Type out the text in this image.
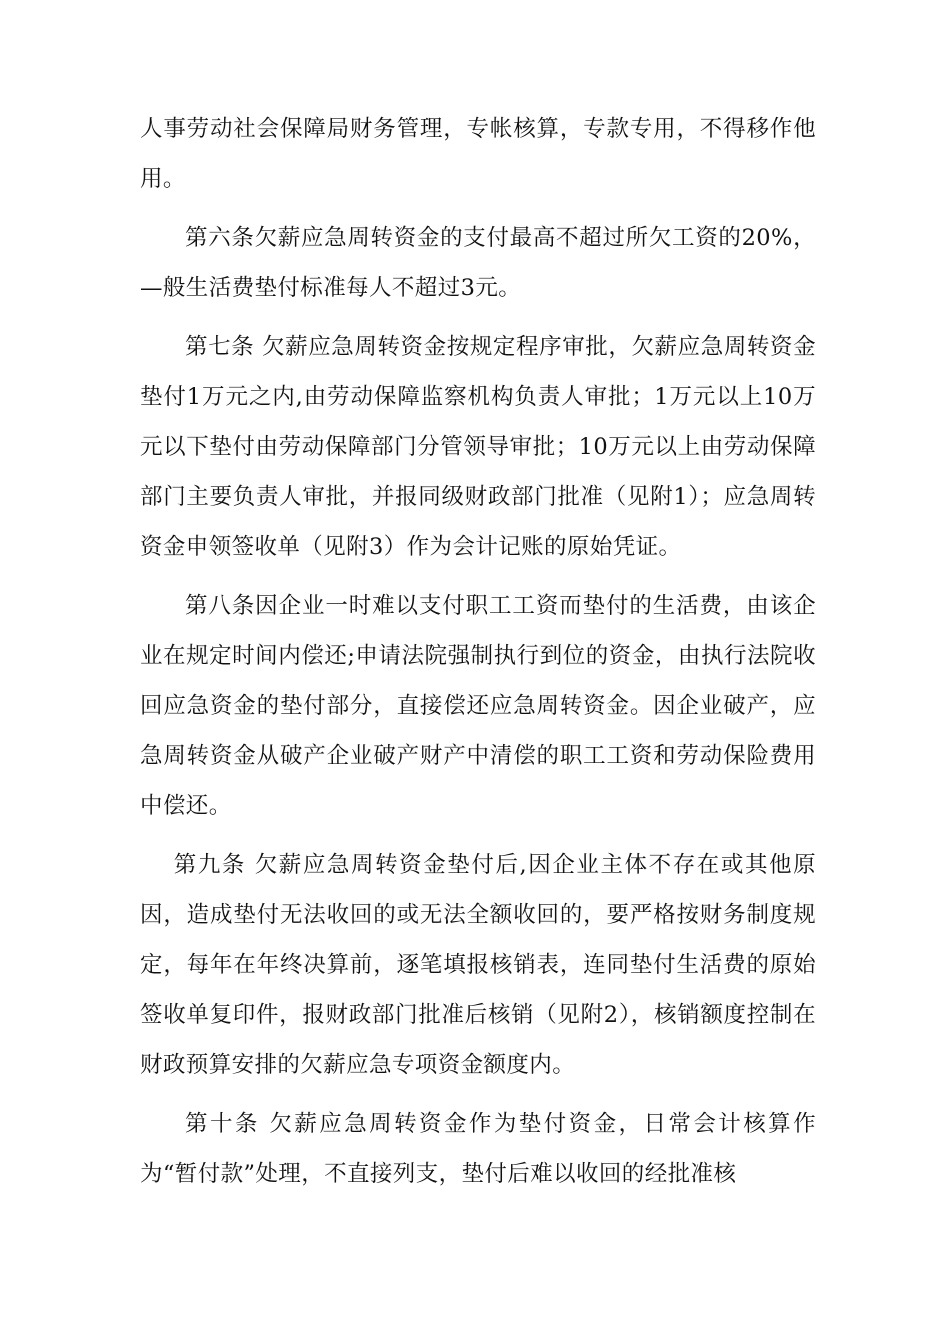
人事劳动社会保障局财务管理，专帐核算，专款专用，不得移作他用。

第六条欠薪应急周转资金的支付最高不超过所欠工资的20%，—般生活费垫付标准每人不超过3元。

第七条 欠薪应急周转资金按规定程序审批，欠薪应急周转资金垫付1万元之内,由劳动保障监察机构负责人审批；1万元以上10万元以下垫付由劳动保障部门分管领导审批；10万元以上由劳动保障部门主要负责人审批，并报同级财政部门批准（见附1）；应急周转资金申领签收单（见附3）作为会计记账的原始凭证。

第八条因企业一时难以支付职工工资而垫付的生活费，由该企业在规定时间内偿还;申请法院强制执行到位的资金，由执行法院收回应急资金的垫付部分，直接偿还应急周转资金。因企业破产，应急周转资金从破产企业破产财产中清偿的职工工资和劳动保险费用中偿还。

第九条 欠薪应急周转资金垫付后,因企业主体不存在或其他原因，造成垫付无法收回的或无法全额收回的，要严格按财务制度规定，每年在年终决算前，逐笔填报核销表，连同垫付生活费的原始签收单复印件，报财政部门批准后核销（见附2），核销额度控制在财政预算安排的欠薪应急专项资金额度内。

第十条 欠薪应急周转资金作为垫付资金，日常会计核算作为“暂付款”处理，不直接列支，垫付后难以收回的经批准核
